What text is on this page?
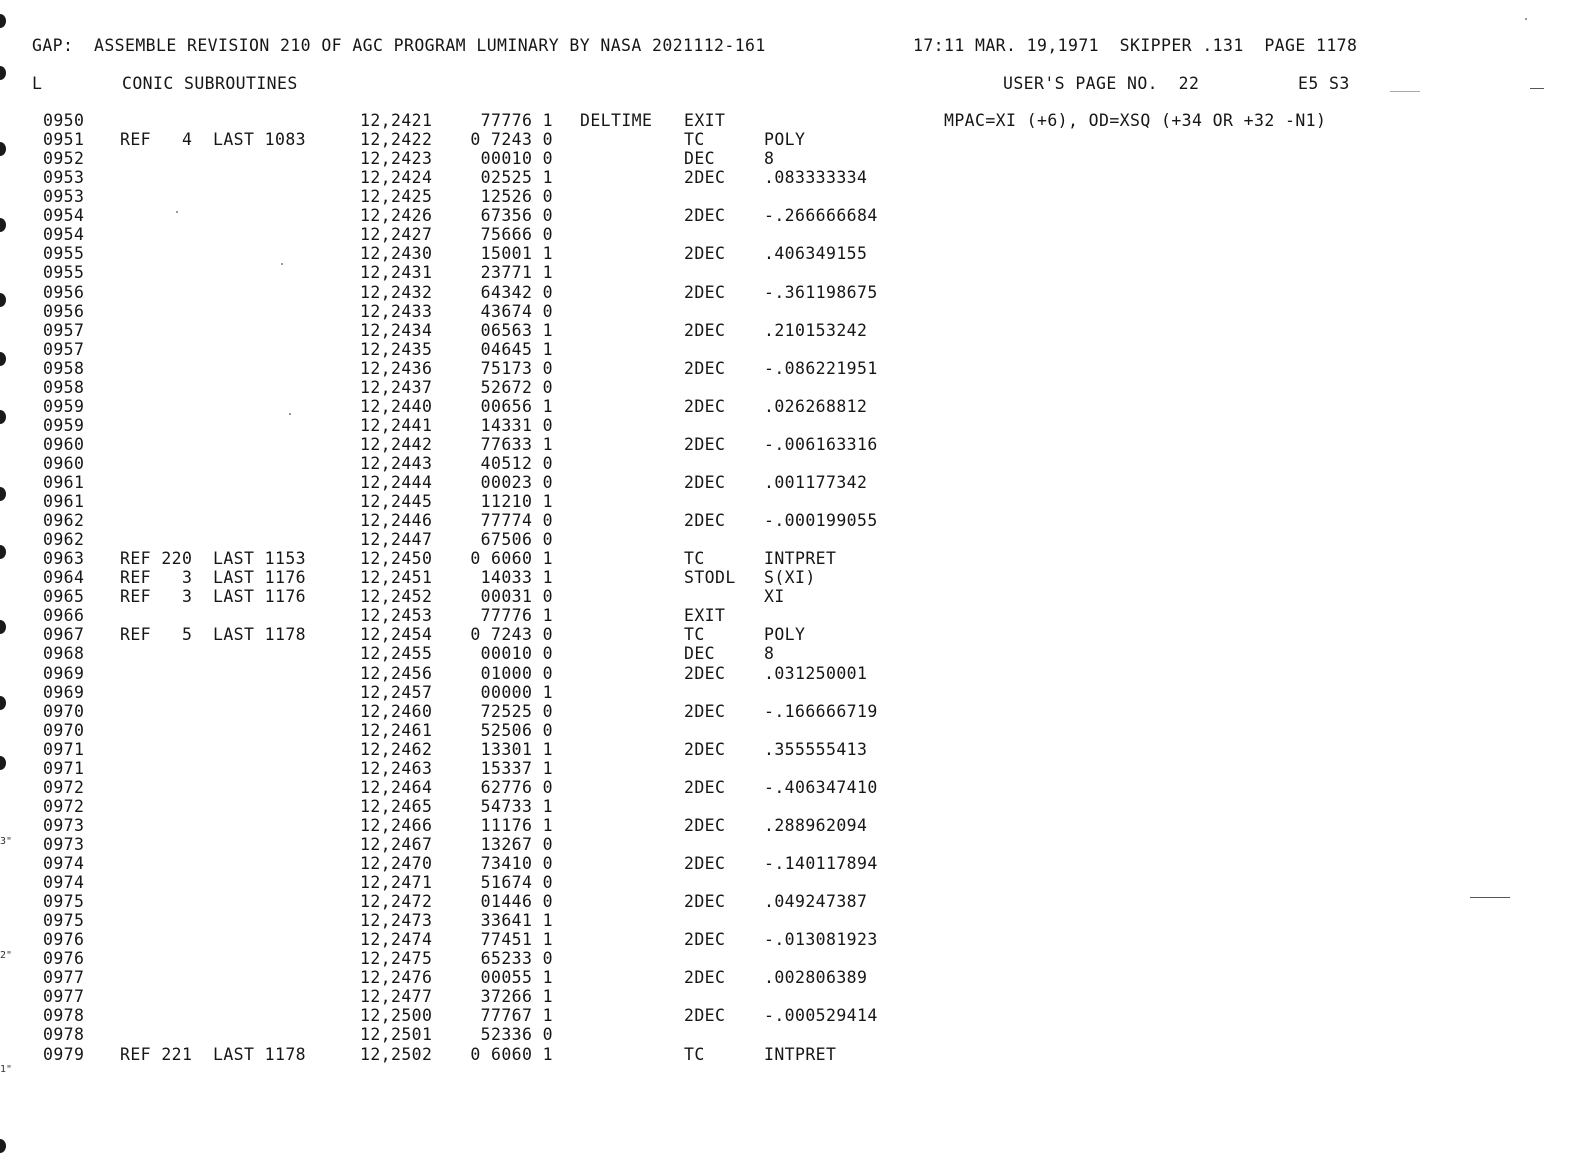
3"
2"
1"
GAP:  ASSEMBLE REVISION 210 OF AGC PROGRAM LUMINARY BY NASA 2021112-161	17:11 MAR. 19,1971  SKIPPER .131  PAGE 1178
L	CONIC SUBROUTINES	USER'S PAGE NO.  22	E5 S3
MPAC=XI (+6), OD=XSQ (+34 OR +32 -N1)
0950	12,2421	77776 1 DELTIME EXIT
0951 REF   4  LAST 1083	12,2422 0 7243 0	TC	POLY
0952	12,2423	00010 0	DEC	8
0953	12,2424	02525 1	2DEC .083333334
0953	12,2425	12526 0
0954	12,2426	67356 0	2DEC -.266666684
0954	12,2427	75666 0
0955	12,2430	15001 1	2DEC .406349155
0955	12,2431	23771 1
0956	12,2432	64342 0	2DEC -.361198675
0956	12,2433	43674 0
0957	12,2434	06563 1	2DEC .210153242
0957	12,2435	04645 1
0958	12,2436	75173 0	2DEC -.086221951
0958	12,2437	52672 0
0959	12,2440	00656 1	2DEC .026268812
0959	12,2441	14331 0
0960	12,2442	77633 1	2DEC -.006163316
0960	12,2443	40512 0
0961	12,2444	00023 0	2DEC .001177342
0961	12,2445	11210 1
0962	12,2446	77774 0	2DEC -.000199055
0962	12,2447	67506 0
0963 REF 220  LAST 1153	12,2450 0 6060 1	TC	INTPRET
0964 REF   3  LAST 1176	12,2451	14033 1	STODL S(XI)
0965 REF   3  LAST 1176	12,2452	00031 0	XI
0966	12,2453	77776 1	EXIT
0967 REF   5  LAST 1178	12,2454 0 7243 0	TC	POLY
0968	12,2455	00010 0	DEC	8
0969	12,2456	01000 0	2DEC .031250001
0969	12,2457	00000 1
0970	12,2460	72525 0	2DEC -.166666719
0970	12,2461	52506 0
0971	12,2462	13301 1	2DEC .355555413
0971	12,2463	15337 1
0972	12,2464	62776 0	2DEC -.406347410
0972	12,2465	54733 1
0973	12,2466	11176 1	2DEC .288962094
0973	12,2467	13267 0
0974	12,2470	73410 0	2DEC -.140117894
0974	12,2471	51674 0
0975	12,2472	01446 0	2DEC .049247387
0975	12,2473	33641 1
0976	12,2474	77451 1	2DEC -.013081923
0976	12,2475	65233 0
0977	12,2476	00055 1	2DEC .002806389
0977	12,2477	37266 1
0978	12,2500	77767 1	2DEC -.000529414
0978	12,2501	52336 0
0979 REF 221  LAST 1178	12,2502 0 6060 1	TC	INTPRET
